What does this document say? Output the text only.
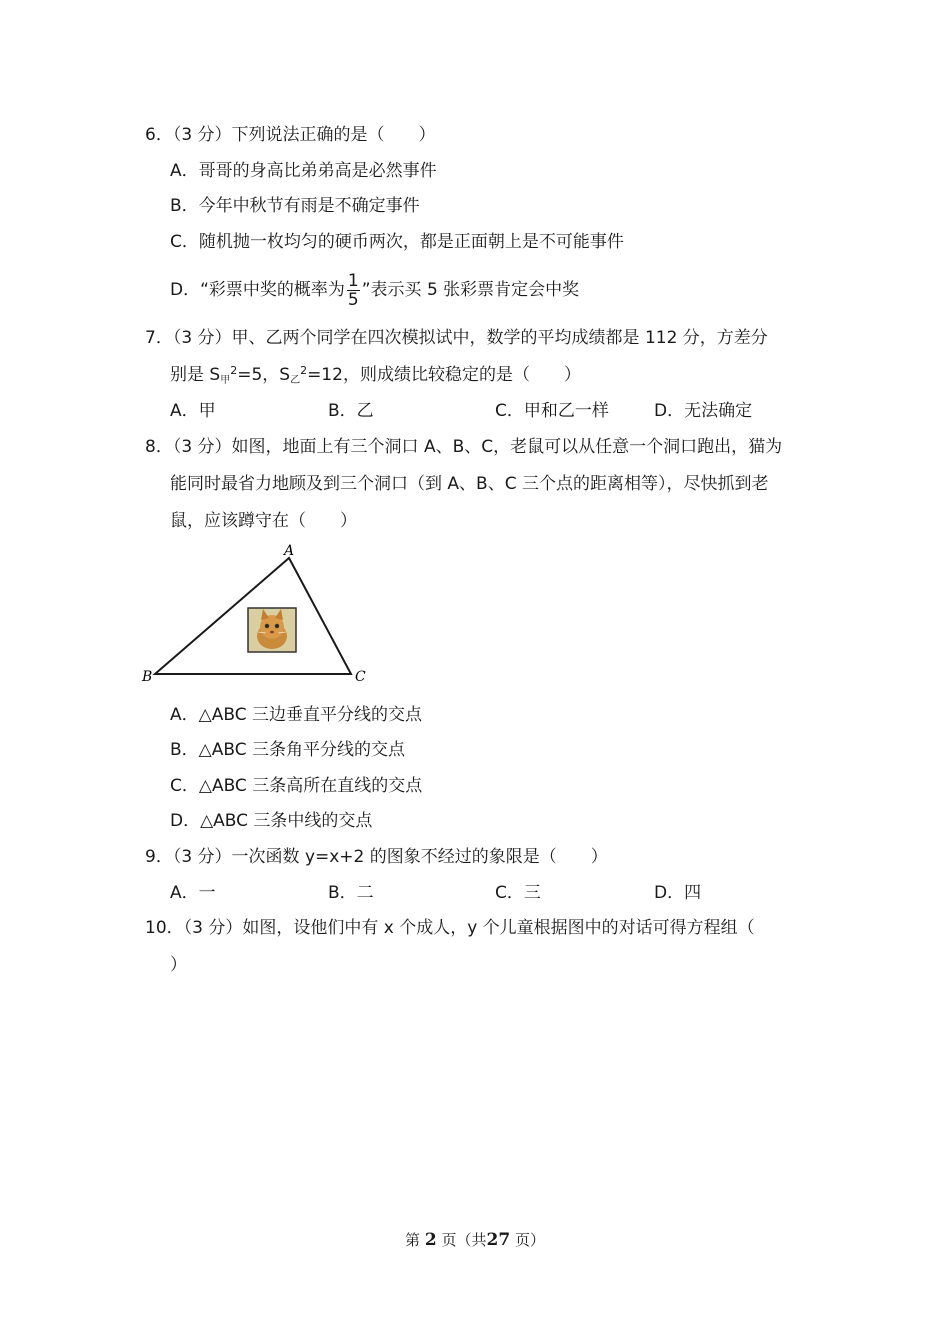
6．（3 分）下列说法正确的是（　　）
A．哥哥的身高比弟弟高是必然事件
B．今年中秋节有雨是不确定事件
C．随机抛一枚均匀的硬币两次，都是正面朝上是不可能事件
D．“彩票中奖的概率为 $\frac{1}{5}$ ”表示买 5 张彩票肯定会中奖
7．（3 分）甲、乙两个同学在四次模拟试中，数学的平均成绩都是 112 分，方差分
别是 S甲$^2$=5，S乙$^2$=12，则成绩比较稳定的是（　　）
A．甲	B．乙	C．甲和乙一样	D．无法确定
8．（3 分）如图，地面上有三个洞口 A、B、C，老鼠可以从任意一个洞口跑出，猫为
能同时最省力地顾及到三个洞口（到 A、B、C 三个点的距离相等），尽快抓到老
鼠，应该蹲守在（　　）
A
B	C
A．△ABC 三边垂直平分线的交点
B．△ABC 三条角平分线的交点
C．△ABC 三条高所在直线的交点
D．△ABC 三条中线的交点
9．（3 分）一次函数 y=x+2 的图象不经过的象限是（　　）
A．一	B．二	C．三	D．四
10．（3 分）如图，设他们中有 x 个成人，y 个儿童根据图中的对话可得方程组（
）
第 2 页（共27 页）
